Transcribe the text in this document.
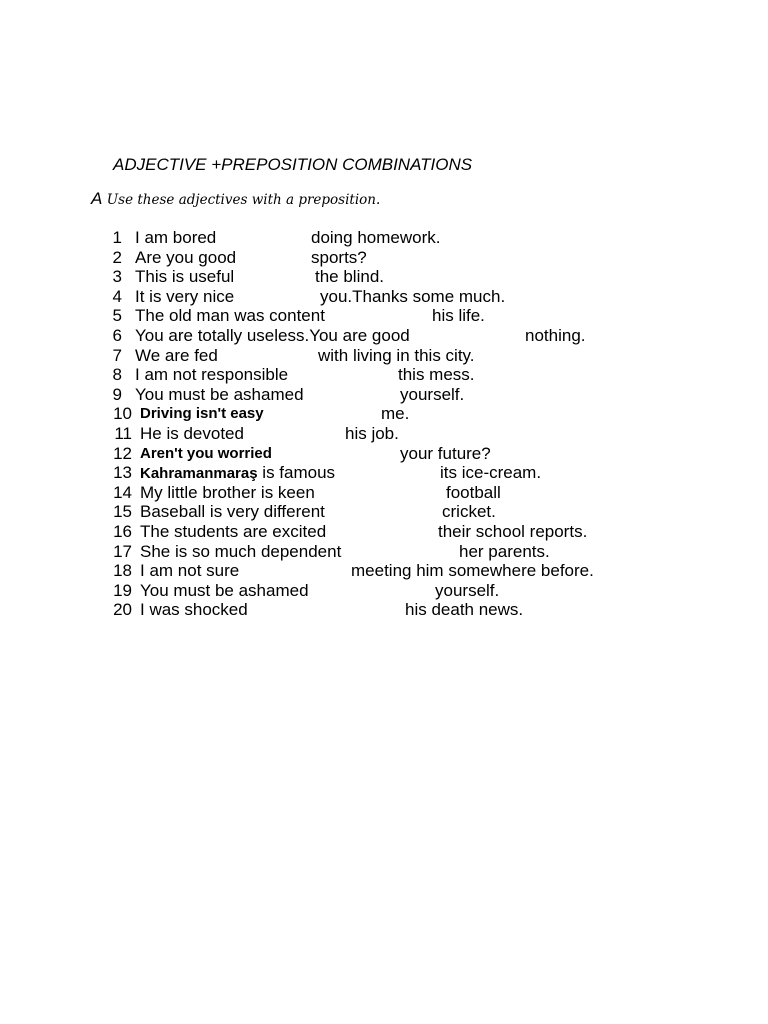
ADJECTIVE +PREPOSITION COMBINATIONS
A Use these adjectives with a preposition.
1 I am bored	doing homework.
2 Are you good	sports?
3 This is useful	the blind.
4 It is very nice	you.Thanks some much.
5 The old man was content	his life.
6 You are totally useless.You are good	nothing.
7 We are fed	with living in this city.
8 I am not responsible	this mess.
9 You must be ashamed	yourself.
10 Driving isn't easy	me.
11 He is devoted	his job.
12 Aren't you worried	your future?
13 Kahramanmaraş is famous	its ice-cream.
14 My little brother is keen	football
15 Baseball is very different	cricket.
16 The students are excited	their school reports.
17 She is so much dependent	her parents.
18 I am not sure	meeting him somewhere before.
19 You must be ashamed	yourself.
20 I was shocked	his death news.
